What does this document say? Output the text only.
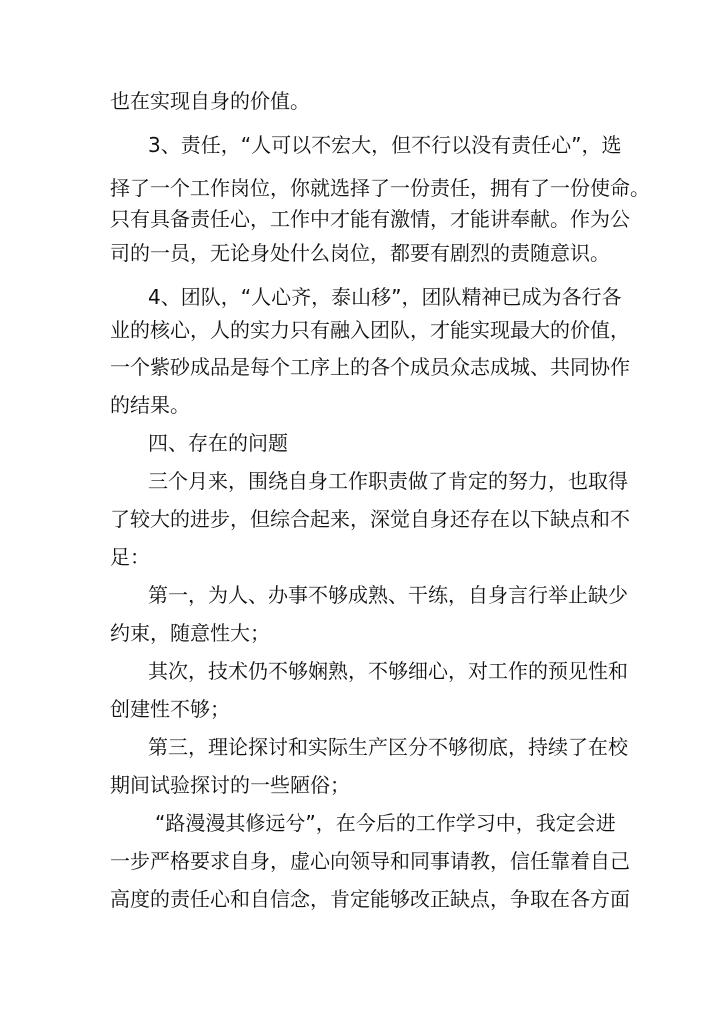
也在实现自身的价值。
3、责任，“人可以不宏大，但不行以没有责任心”，选
择了一个工作岗位，你就选择了一份责任，拥有了一份使命。
只有具备责任心，工作中才能有激情，才能讲奉献。作为公
司的一员，无论身处什么岗位，都要有剧烈的责随意识。
4、团队，“人心齐，泰山移”，团队精神已成为各行各
业的核心，人的实力只有融入团队，才能实现最大的价值，
一个紫砂成品是每个工序上的各个成员众志成城、共同协作
的结果。
四、存在的问题
三个月来，围绕自身工作职责做了肯定的努力，也取得
了较大的进步，但综合起来，深觉自身还存在以下缺点和不
足：
第一，为人、办事不够成熟、干练，自身言行举止缺少
约束，随意性大；
其次，技术仍不够娴熟，不够细心，对工作的预见性和
创建性不够；
第三，理论探讨和实际生产区分不够彻底，持续了在校
期间试验探讨的一些陋俗；
“路漫漫其修远兮”，在今后的工作学习中，我定会进
一步严格要求自身，虚心向领导和同事请教，信任靠着自己
高度的责任心和自信念，肯定能够改正缺点，争取在各方面
